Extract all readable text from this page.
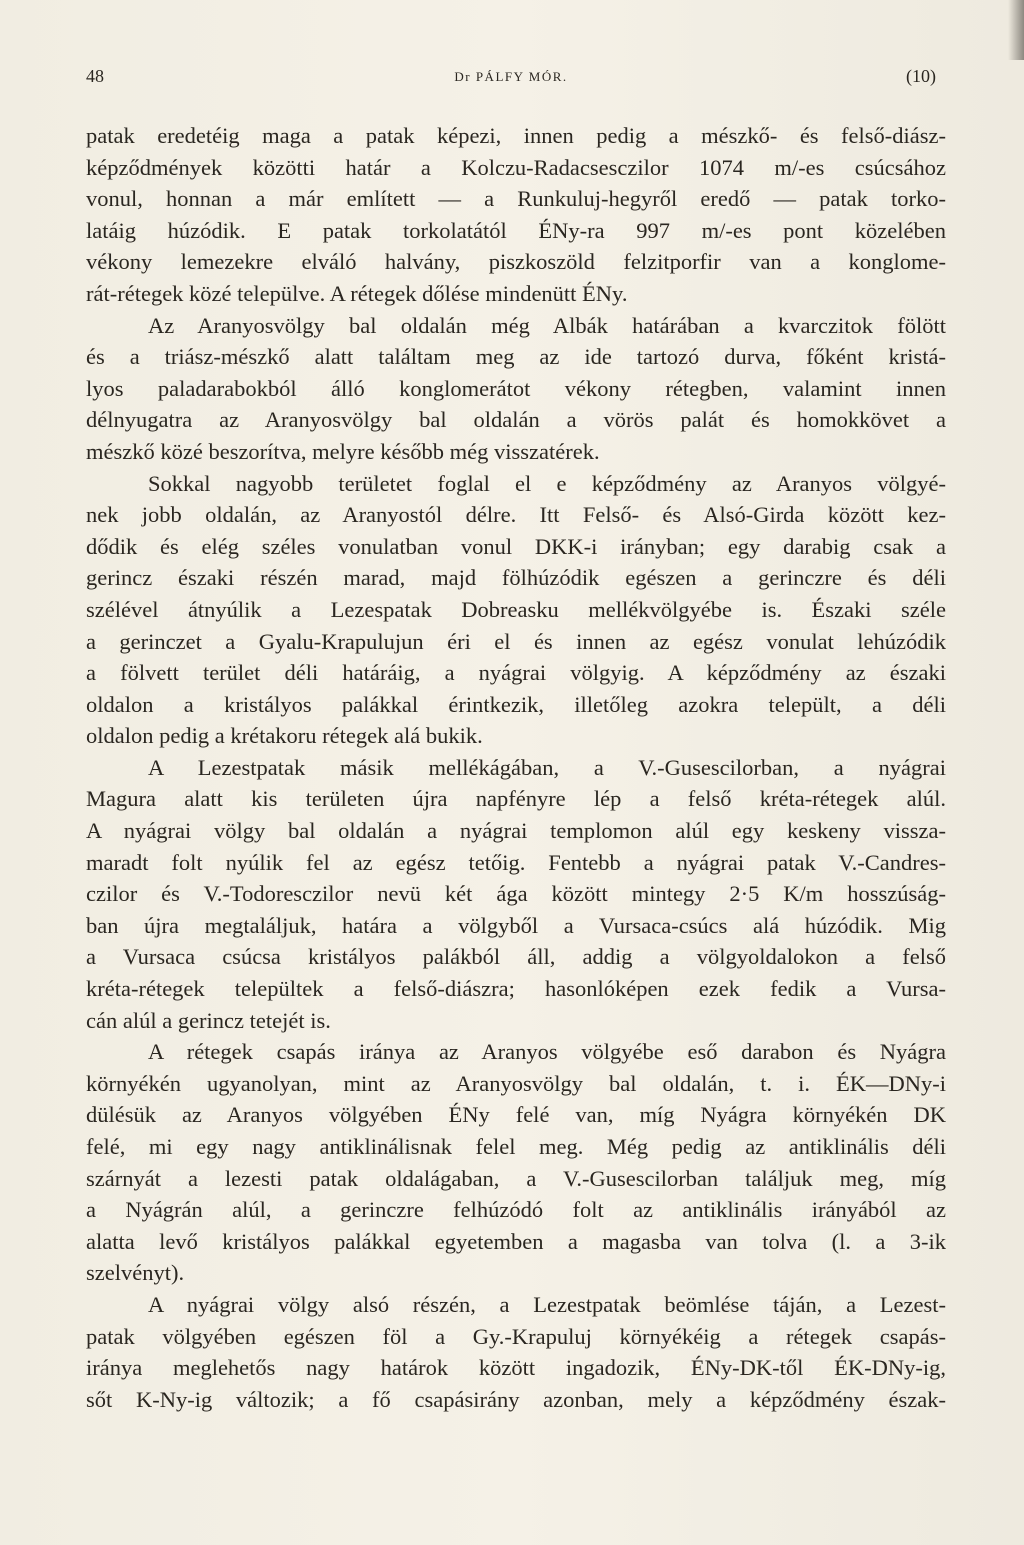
48	Dr PÁLFY MÓR.	(10)
patak eredetéig maga a patak képezi, innen pedig a mészkő- és felső-diász-
képződmények közötti határ a Kolczu-Radacsesczilor 1074 m/-es csúcsához
vonul, honnan a már említett — a Runkuluj-hegyről eredő — patak torko-
latáig húzódik. E patak torkolatától ÉNy-ra 997 m/-es pont közelében
vékony lemezekre elváló halvány, piszkoszöld felzitporfir van a konglome-
rát-rétegek közé települve. A rétegek dőlése mindenütt ÉNy.
Az Aranyosvölgy bal oldalán még Albák határában a kvarczitok fölött
és a triász-mészkő alatt találtam meg az ide tartozó durva, főként kristá-
lyos paladarabokból álló konglomerátot vékony rétegben, valamint innen
délnyugatra az Aranyosvölgy bal oldalán a vörös palát és homokkövet a
mészkő közé beszorítva, melyre később még visszatérek.
Sokkal nagyobb területet foglal el e képződmény az Aranyos völgyé-
nek jobb oldalán, az Aranyostól délre. Itt Felső- és Alsó-Girda között kez-
dődik és elég széles vonulatban vonul DKK-i irányban; egy darabig csak a
gerincz északi részén marad, majd fölhúzódik egészen a gerinczre és déli
szélével átnyúlik a Lezespatak Dobreasku mellékvölgyébe is. Északi széle
a gerinczet a Gyalu-Krapulujun éri el és innen az egész vonulat lehúzódik
a fölvett terület déli határáig, a nyágrai völgyig. A képződmény az északi
oldalon a kristályos palákkal érintkezik, illetőleg azokra települt, a déli
oldalon pedig a krétakoru rétegek alá bukik.
A Lezestpatak másik mellékágában, a V.-Gusescilorban, a nyágrai
Magura alatt kis területen újra napfényre lép a felső kréta-rétegek alúl.
A nyágrai völgy bal oldalán a nyágrai templomon alúl egy keskeny vissza-
maradt folt nyúlik fel az egész tetőig. Fentebb a nyágrai patak V.-Candres-
czilor és V.-Todoresczilor nevü két ága között mintegy 2·5 K/m hosszúság-
ban újra megtaláljuk, határa a völgyből a Vursaca-csúcs alá húzódik. Mig
a Vursaca csúcsa kristályos palákból áll, addig a völgyoldalokon a felső
kréta-rétegek települtek a felső-diászra; hasonlóképen ezek fedik a Vursa-
cán alúl a gerincz tetejét is.
A rétegek csapás iránya az Aranyos völgyébe eső darabon és Nyágra
környékén ugyanolyan, mint az Aranyosvölgy bal oldalán, t. i. ÉK—DNy-i
dülésük az Aranyos völgyében ÉNy felé van, míg Nyágra környékén DK
felé, mi egy nagy antiklinálisnak felel meg. Még pedig az antiklinális déli
szárnyát a lezesti patak oldalágaban, a V.-Gusescilorban találjuk meg, míg
a Nyágrán alúl, a gerinczre felhúzódó folt az antiklinális irányából az
alatta levő kristályos palákkal egyetemben a magasba van tolva (l. a 3-ik
szelvényt).
A nyágrai völgy alsó részén, a Lezestpatak beömlése táján, a Lezest-
patak völgyében egészen föl a Gy.-Krapuluj környékéig a rétegek csapás-
iránya meglehetős nagy határok között ingadozik, ÉNy-DK-től ÉK-DNy-ig,
sőt K-Ny-ig változik; a fő csapásirány azonban, mely a képződmény észak-
